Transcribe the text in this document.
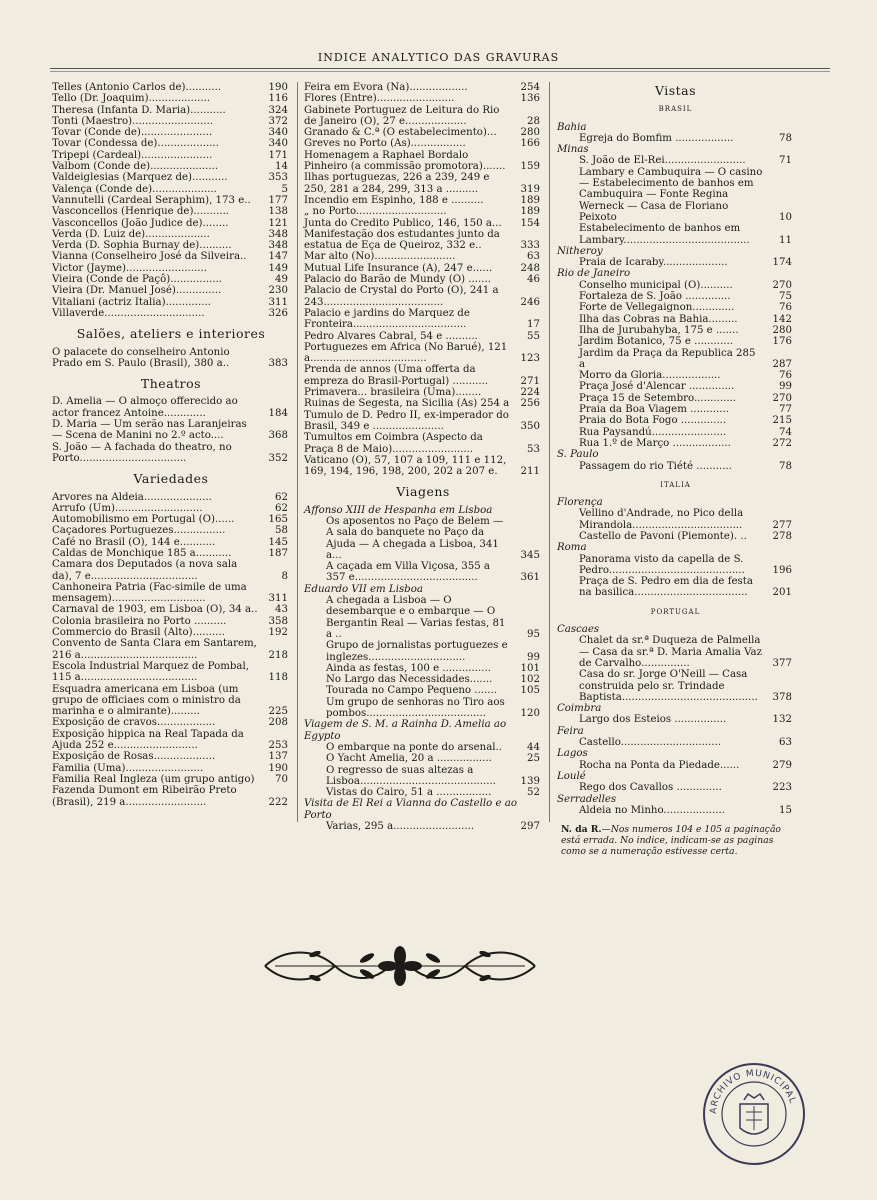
INDICE ANALYTICO DAS GRAVURAS
Telles (Antonio Carlos de)...........	190
Tello (Dr. Joaquim)...................	116
Theresa (Infanta D. Maria)...........	324
Tonti (Maestro).........................	372
Tovar (Conde de)......................	340
Tovar (Condessa de)...................	340
Tripepi (Cardeal)......................	171
Valbom (Conde de).....................	14
Valdeiglesias (Marquez de)...........	353
Valença (Conde de)....................	5
Vannutelli (Cardeal Seraphim), 173 e..	177
Vasconcellos (Henrique de)...........	138
Vasconcellos (João Judice de)........	121
Verda (D. Luiz de)....................	348
Verda (D. Sophia Burnay de)..........	348
Vianna (Conselheiro José da Silveira..	147
Victor (Jayme).........................	149
Vieira (Conde de Paçô)................	49
Vieira (Dr. Manuel José)..............	230
Vitaliani (actriz Italia)..............	311
Villaverde...............................	326
Salões, ateliers e interiores
O palacete do conselheiro Antonio Prado em S. Paulo (Brasil), 380 a..	383
Theatros
D. Amelia — O almoço offerecido ao actor francez Antoine.............	184
D. Maria — Um serão nas Laranjeiras — Scena de Manini no 2.º acto....	368
S. João — A fachada do theatro, no Porto.................................	352
Variedades
Arvores na Aldeia.....................	62
Arrufo (Um)...........................	62
Automobilismo em Portugal (O)......	165
Caçadores Portuguezes................	58
Café no Brasil (O), 144 e...........	145
Caldas de Monchique 185 a...........	187
Camara dos Deputados (a nova sala da), 7 e.................................	8
Canhoneira Patria (Fac-simile de uma mensagem).............................	311
Carnaval de 1903, em Lisboa (O), 34 a.. 43
Colonia brasileira no Porto ..........	358
Commercio do Brasil (Alto)..........	192
Convento de Santa Clara em Santarem, 216 a....................................	218
Escola Industrial Marquez de Pombal, 115 a....................................	118
Esquadra americana em Lisboa (um grupo de officiaes com o ministro da marinha e o almirante).........	225
Exposição de cravos..................	208
Exposição hippica na Real Tapada da Ajuda 252 e..........................	253
Exposição de Rosas...................	137
Familia (Uma)........................	190
Familia Real Ingleza (um grupo antigo)	70
Fazenda Dumont em Ribeirão Preto (Brasil), 219 a.........................	222
Feira em Evora (Na)..................	254
Flores (Entre)........................	136
Gabinete Portuguez de Leitura do Rio de Janeiro (O), 27 e...................	28
Granado & C.ª (O estabelecimento)...	280
Greves no Porto (As).................	166
Homenagem a Raphael Bordalo Pinheiro (a commissão promotora).......	159
Ilhas portuguezas, 226 a 239, 249 e 250, 281 a 284, 299, 313 a ..........	319
Incendio em Espinho, 188 e ..........	189
„ no Porto............................	189
Junta do Credito Publico, 146, 150 a...	154
Manifestação dos estudantes junto da estatua de Eça de Queiroz, 332 e..	333
Mar alto (No).........................	63
Mutual Life Insurance (A), 247 e......	248
Palacio do Barão de Mundy (O) .......	46
Palacio de Crystal do Porto (O), 241 a 243.....................................	246
Palacio e jardins do Marquez de Fronteira...................................	17
Pedro Alvares Cabral, 54 e ..........	55
Portuguezes em Africa (No Barué), 121 a....................................	123
Prenda de annos (Uma offerta da empreza do Brasil-Portugal) ...........	271
Primavera... brasileira (Uma)........	224
Ruinas de Segesta, na Sicilia (As) 254 a 256
Tumulo de D. Pedro II, ex-imperador do Brasil, 349 e ......................	350
Tumultos em Coimbra (Aspecto da Praça 8 de Maio).........................	53
Vaticano (O), 57, 107 a 109, 111 e 112, 169, 194, 196, 198, 200, 202 a 207 e.	211
Viagens
Affonso XIII de Hespanha em Lisboa
Os aposentos no Paço de Belem — A sala do banquete no Paço da Ajuda — A chegada a Lisboa, 341 a...	345
A caçada em Villa Viçosa, 355 a 357 e......................................	361
Eduardo VII em Lisboa
A chegada a Lisboa — O desembarque e o embarque — O Bergantin Real — Varias festas, 81 a ..	95
Grupo de jornalistas portuguezes e inglezes..............................	99
Ainda as festas, 100 e ...............	101
No Largo das Necessidades.......	102
Tourada no Campo Pequeno .......	105
Um grupo de senhoras no Tiro aos pombos.....................................	120
Viagem de S. M. a Rainha D. Amelia ao Egypto
O embarque na ponte do arsenal..	44
O Yacht Amelia, 20 a .................	25
O regresso de suas altezas a Lisboa..........................................	139
Vistas do Cairo, 51 a .................	52
Visita de El Rei a Vianna do Castello e ao Porto
Varias, 295 a.........................	297
Vistas
BRASIL
Bahia
Egreja do Bomfim ..................	78
Minas
S. João de El-Rei.........................	71
Lambary e Cambuquira — O casino — Estabelecimento de banhos em Cambuquira — Fonte Regina Werneck — Casa de Floriano Peixoto	10
Estabelecimento de banhos em Lambary.......................................	11
Nitheroy
Praia de Icaraby....................	174
Rio de Janeiro
Conselho municipal (O)..........	270
Fortaleza de S. João ..............	75
Forte de Vellegaignon.............	76
Ilha das Cobras na Bahia.........	142
Ilha de Jurubahyba, 175 e .......	280
Jardim Botanico, 75 e ............	176
Jardim da Praça da Republica 285 a	287
Morro da Gloria..................	76
Praça José d'Alencar ..............	99
Praça 15 de Setembro.............	270
Praia da Boa Viagem ............	77
Praia do Bota Fogo ..............	215
Rua Paysandú.......................	74
Rua 1.º de Março ..................	272
S. Paulo
Passagem do rio Tiété ...........	78
ITALIA
Florença
Vellino d'Andrade, no Pico della Mirandola..................................	277
Castello de Pavoni (Piemonte). ..	278
Roma
Panorama visto da capella de S. Pedro..........................................	196
Praça de S. Pedro em dia de festa na basilica...................................	201
PORTUGAL
Cascaes
Chalet da sr.ª Duqueza de Palmella — Casa da sr.ª D. Maria Amalia Vaz de Carvalho...............	377
Casa do sr. Jorge O'Neill — Casa construida pelo sr. Trindade Baptista..........................................	378
Coimbra
Largo dos Esteios ................	132
Feira
Castello...............................	63
Lagos
Rocha na Ponta da Piedade......	279
Loulé
Rego dos Cavallos ..............	223
Serradelles
Aldeia no Minho...................	15
N. da R.—Nos numeros 104 e 105 a paginação está errada. No indice, indicam-se as paginas como se a numeração estivesse certa.
ARCHIVO MUNICIPAL
